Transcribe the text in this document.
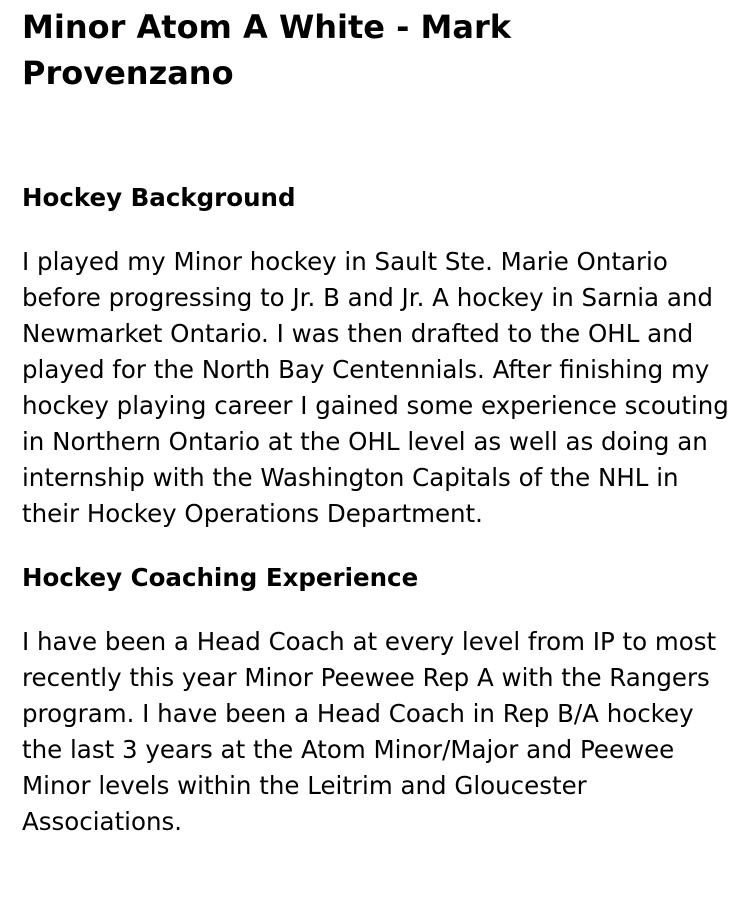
Minor Atom A White - Mark Provenzano
Hockey Background

I played my Minor hockey in Sault Ste. Marie Ontario before progressing to Jr. B and Jr. A hockey in Sarnia and Newmarket Ontario. I was then drafted to the OHL and played for the North Bay Centennials. After finishing my hockey playing career I gained some experience scouting in Northern Ontario at the OHL level as well as doing an internship with the Washington Capitals of the NHL in their Hockey Operations Department.

Hockey Coaching Experience

I have been a Head Coach at every level from IP to most recently this year Minor Peewee Rep A with the Rangers program. I have been a Head Coach in Rep B/A hockey the last 3 years at the Atom Minor/Major and Peewee Minor levels within the Leitrim and Gloucester Associations.
